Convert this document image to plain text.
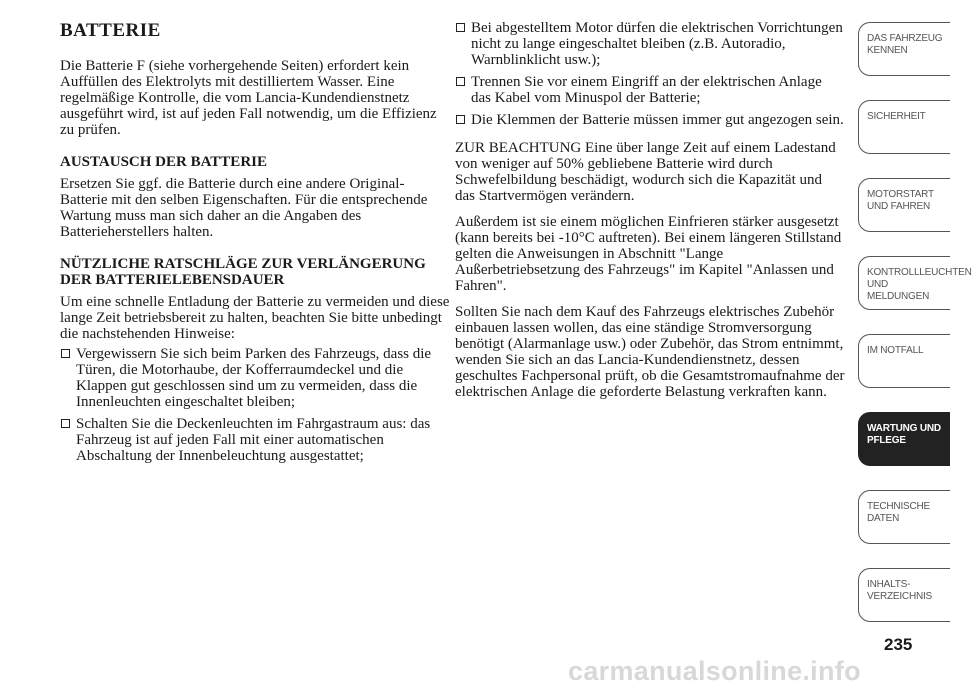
BATTERIE

Die Batterie F (siehe vorhergehende Seiten) erfordert kein Auffüllen des Elektrolyts mit destilliertem Wasser. Eine regelmäßige Kontrolle, die vom Lancia-Kundendienstnetz ausgeführt wird, ist auf jeden Fall notwendig, um die Effizienz zu prüfen.

AUSTAUSCH DER BATTERIE

Ersetzen Sie ggf. die Batterie durch eine andere Original-Batterie mit den selben Eigenschaften. Für die entsprechende Wartung muss man sich daher an die Angaben des Batterieherstellers halten.

NÜTZLICHE RATSCHLÄGE ZUR VERLÄNGERUNG DER BATTERIELEBENSDAUER

Um eine schnelle Entladung der Batterie zu vermeiden und diese lange Zeit betriebsbereit zu halten, beachten Sie bitte unbedingt die nachstehenden Hinweise:

Vergewissern Sie sich beim Parken des Fahrzeugs, dass die Türen, die Motorhaube, der Kofferraumdeckel und die Klappen gut geschlossen sind um zu vermeiden, dass die Innenleuchten eingeschaltet bleiben;
Schalten Sie die Deckenleuchten im Fahrgastraum aus: das Fahrzeug ist auf jeden Fall mit einer automatischen Abschaltung der Innenbeleuchtung ausgestattet;
Bei abgestelltem Motor dürfen die elektrischen Vorrichtungen nicht zu lange eingeschaltet bleiben (z.B. Autoradio, Warnblinklicht usw.);
Trennen Sie vor einem Eingriff an der elektrischen Anlage das Kabel vom Minuspol der Batterie;
Die Klemmen der Batterie müssen immer gut angezogen sein.

ZUR BEACHTUNG Eine über lange Zeit auf einem Ladestand von weniger auf 50% gebliebene Batterie wird durch Schwefelbildung beschädigt, wodurch sich die Kapazität und das Startvermögen verändern.

Außerdem ist sie einem möglichen Einfrieren stärker ausgesetzt (kann bereits bei -10°C auftreten). Bei einem längeren Stillstand gelten die Anweisungen in Abschnitt "Lange Außerbetriebsetzung des Fahrzeugs" im Kapitel "Anlassen und Fahren".

Sollten Sie nach dem Kauf des Fahrzeugs elektrisches Zubehör einbauen lassen wollen, das eine ständige Stromversorgung benötigt (Alarmanlage usw.) oder Zubehör, das Strom entnimmt, wenden Sie sich an das Lancia-Kundendienstnetz, dessen geschultes Fachpersonal prüft, ob die Gesamtstromaufnahme der elektrischen Anlage die geforderte Belastung verkraften kann.

DAS FAHRZEUG KENNEN
SICHERHEIT
MOTORSTART UND FAHREN
KONTROLLLEUCHTEN UND MELDUNGEN
IM NOTFALL
WARTUNG UND PFLEGE
TECHNISCHE DATEN
INHALTS-VERZEICHNIS
235
carmanualsonline.info
